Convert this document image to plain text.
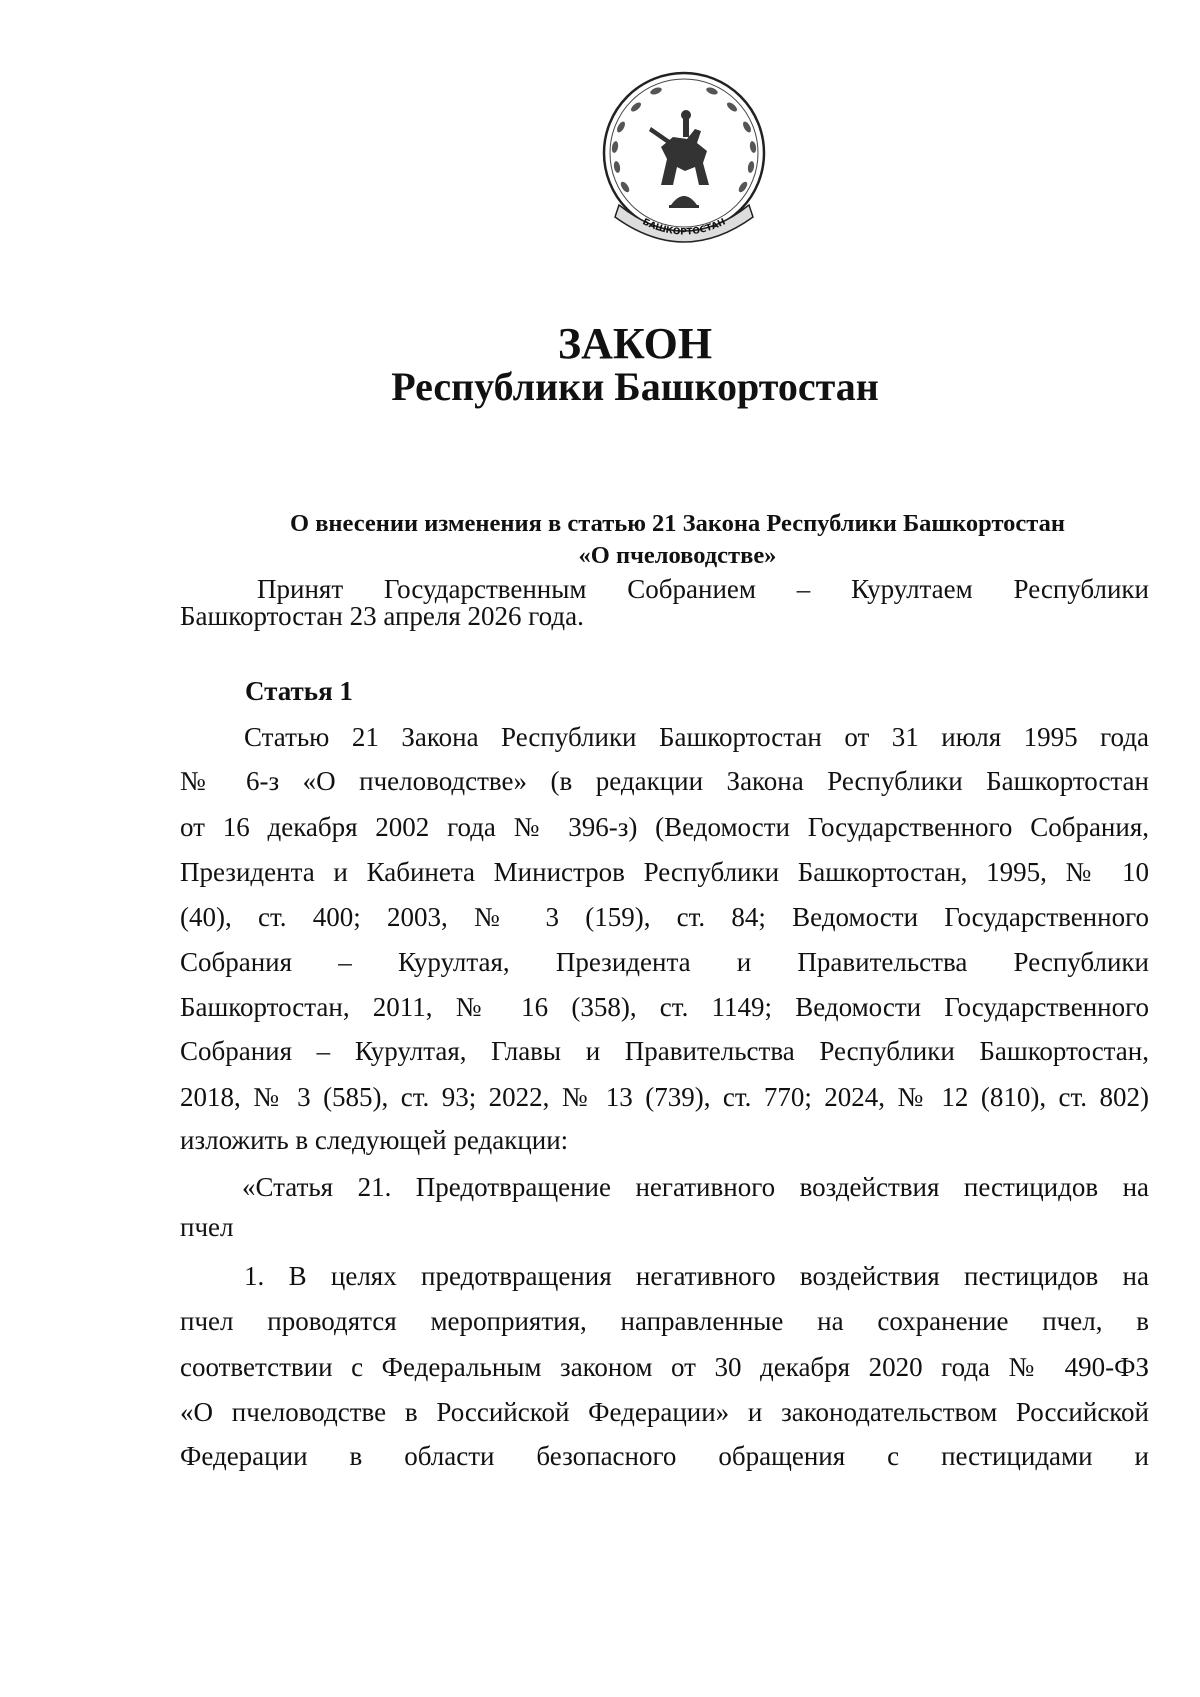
БАШКОРТОСТАН
ЗАКОН
Республики Башкортостан
О внесении изменения в статью 21 Закона Республики Башкортостан
«О пчеловодстве»
Принят Государственным Собранием – Курултаем Республики
Башкортостан 23 апреля 2026 года.
Статья 1
Статью 21 Закона Республики Башкортостан от 31 июля 1995 года
№ 6-з «О пчеловодстве» (в редакции Закона Республики Башкортостан
от 16 декабря 2002 года № 396-з) (Ведомости Государственного Собрания,
Президента и Кабинета Министров Республики Башкортостан, 1995, № 10
(40), ст. 400; 2003, № 3 (159), ст. 84; Ведомости Государственного
Собрания – Курултая, Президента и Правительства Республики
Башкортостан, 2011, № 16 (358), ст. 1149; Ведомости Государственного
Собрания – Курултая, Главы и Правительства Республики Башкортостан,
2018, № 3 (585), ст. 93; 2022, № 13 (739), ст. 770; 2024, № 12 (810), ст. 802)
изложить в следующей редакции:
«Статья 21. Предотвращение негативного воздействия пестицидов на
пчел
1. В целях предотвращения негативного воздействия пестицидов на
пчел проводятся мероприятия, направленные на сохранение пчел, в
соответствии с Федеральным законом от 30 декабря 2020 года № 490-ФЗ
«О пчеловодстве в Российской Федерации» и законодательством Российской
Федерации в области безопасного обращения с пестицидами и
